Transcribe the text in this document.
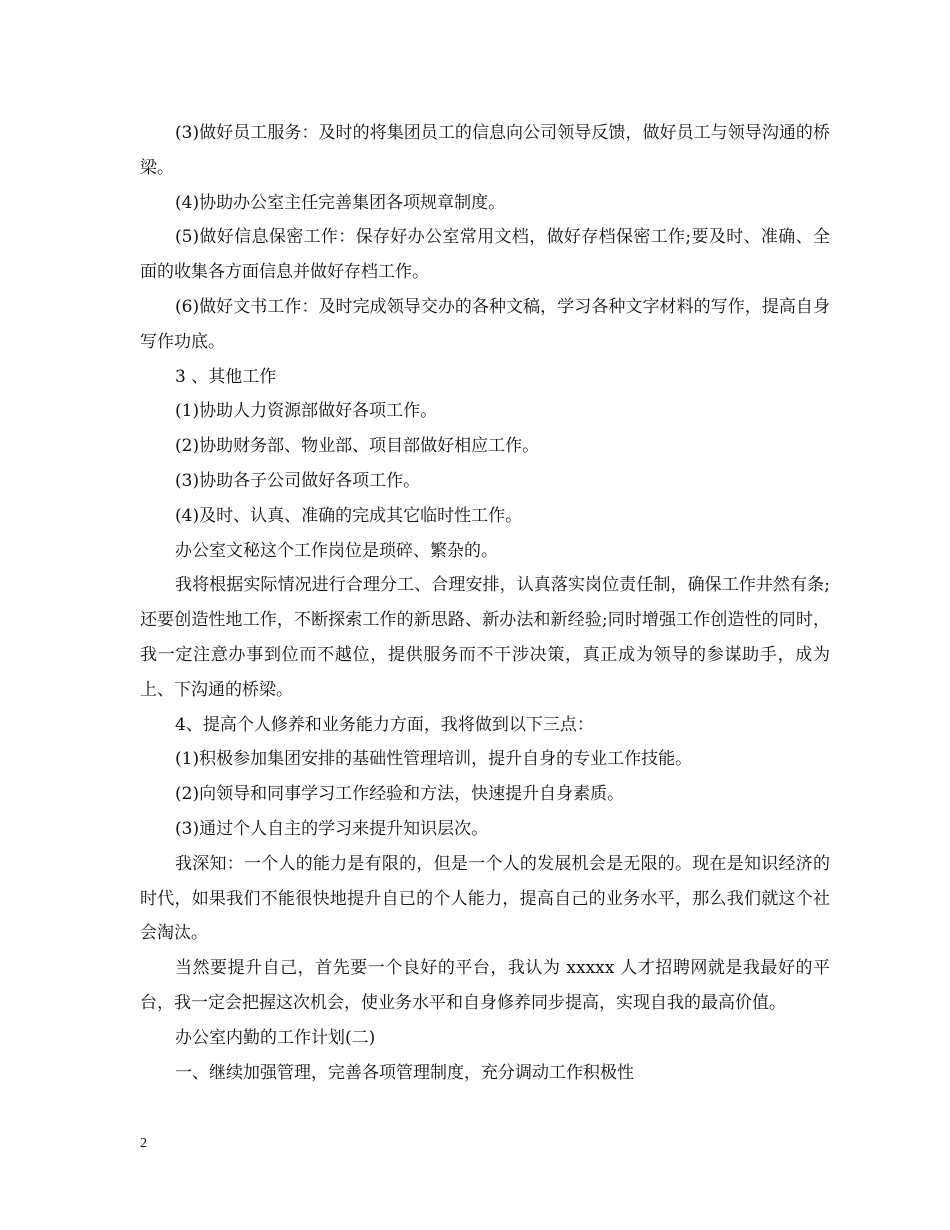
(3)做好员工服务：及时的将集团员工的信息向公司领导反馈，做好员工与领导沟通的桥梁。

(4)协助办公室主任完善集团各项规章制度。

(5)做好信息保密工作：保存好办公室常用文档，做好存档保密工作;要及时、准确、全面的收集各方面信息并做好存档工作。

(6)做好文书工作：及时完成领导交办的各种文稿，学习各种文字材料的写作，提高自身写作功底。

3 、其他工作

(1)协助人力资源部做好各项工作。

(2)协助财务部、物业部、项目部做好相应工作。

(3)协助各子公司做好各项工作。

(4)及时、认真、准确的完成其它临时性工作。

办公室文秘这个工作岗位是琐碎、繁杂的。

我将根据实际情况进行合理分工、合理安排，认真落实岗位责任制，确保工作井然有条;还要创造性地工作，不断探索工作的新思路、新办法和新经验;同时增强工作创造性的同时，我一定注意办事到位而不越位，提供服务而不干涉决策，真正成为领导的参谋助手，成为上、下沟通的桥梁。

4、提高个人修养和业务能力方面，我将做到以下三点：

(1)积极参加集团安排的基础性管理培训，提升自身的专业工作技能。

(2)向领导和同事学习工作经验和方法，快速提升自身素质。

(3)通过个人自主的学习来提升知识层次。

我深知：一个人的能力是有限的，但是一个人的发展机会是无限的。现在是知识经济的时代，如果我们不能很快地提升自已的个人能力，提高自己的业务水平，那么我们就这个社会淘汰。

当然要提升自己，首先要一个良好的平台，我认为 xxxxx 人才招聘网就是我最好的平台，我一定会把握这次机会，使业务水平和自身修养同步提高，实现自我的最高价值。

办公室内勤的工作计划(二)

一、继续加强管理，完善各项管理制度，充分调动工作积极性

2
